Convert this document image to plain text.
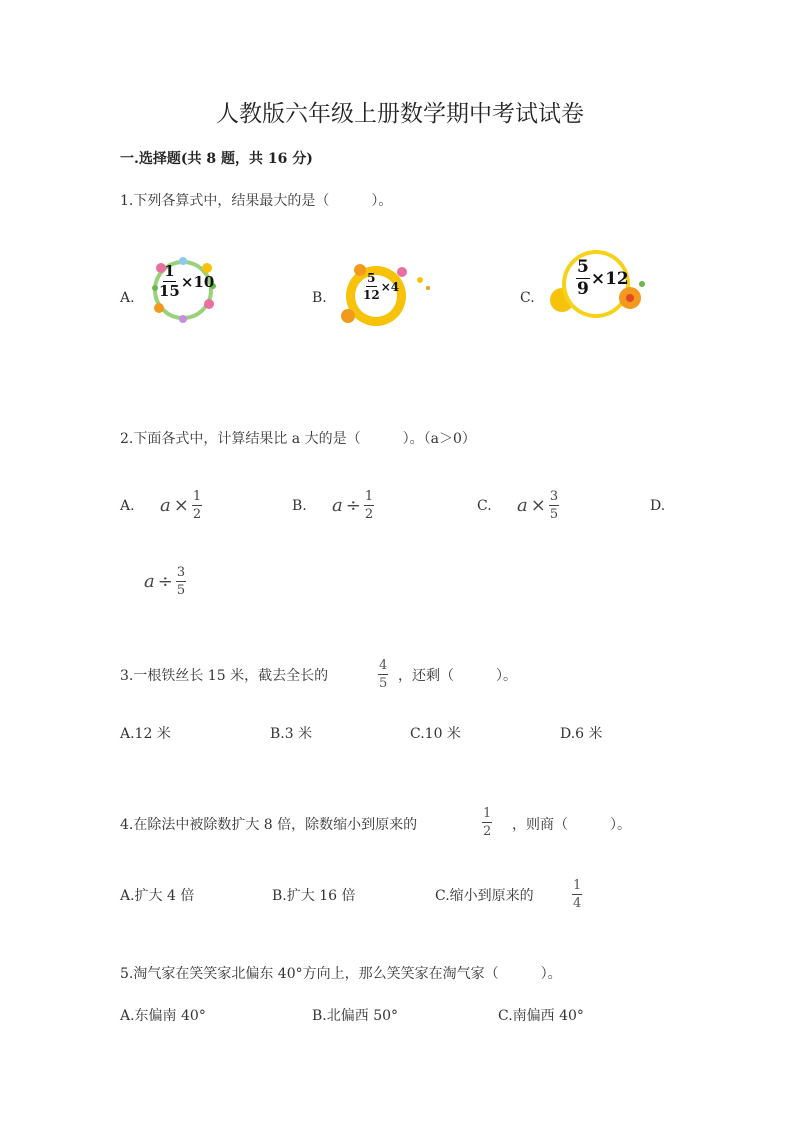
人教版六年级上册数学期中考试试卷
一.选择题(共 8 题，共 16 分)
1.下列各算式中，结果最大的是（　　　）。
A. $\frac{1}{15} \times 10$
B.	$\frac{5}{12} \times 4$
C. $\frac{5}{9} \times 12$
2.下面各式中，计算结果比 a 大的是（　　　）。（a＞0）
A. $a \times \frac{1}{2}$	B. $a \div \frac{1}{2}$	C. $a \times \frac{3}{5}$	D.
$a \div \frac{3}{5}$
3.一根铁丝长 15 米，截去全长的	$\frac{4}{5}$ ，还剩（　　　）。
A.12 米	B.3 米	C.10 米	D.6 米
4.在除法中被除数扩大 8 倍，除数缩小到原来的	$\frac{1}{2}$ ，则商（　　　）。
A.扩大 4 倍	B.扩大 16 倍	C.缩小到原来的	$\frac{1}{4}$
5.淘气家在笑笑家北偏东 40°方向上，那么笑笑家在淘气家（　　　）。
A.东偏南 40°	B.北偏西 50°	C.南偏西 40°
